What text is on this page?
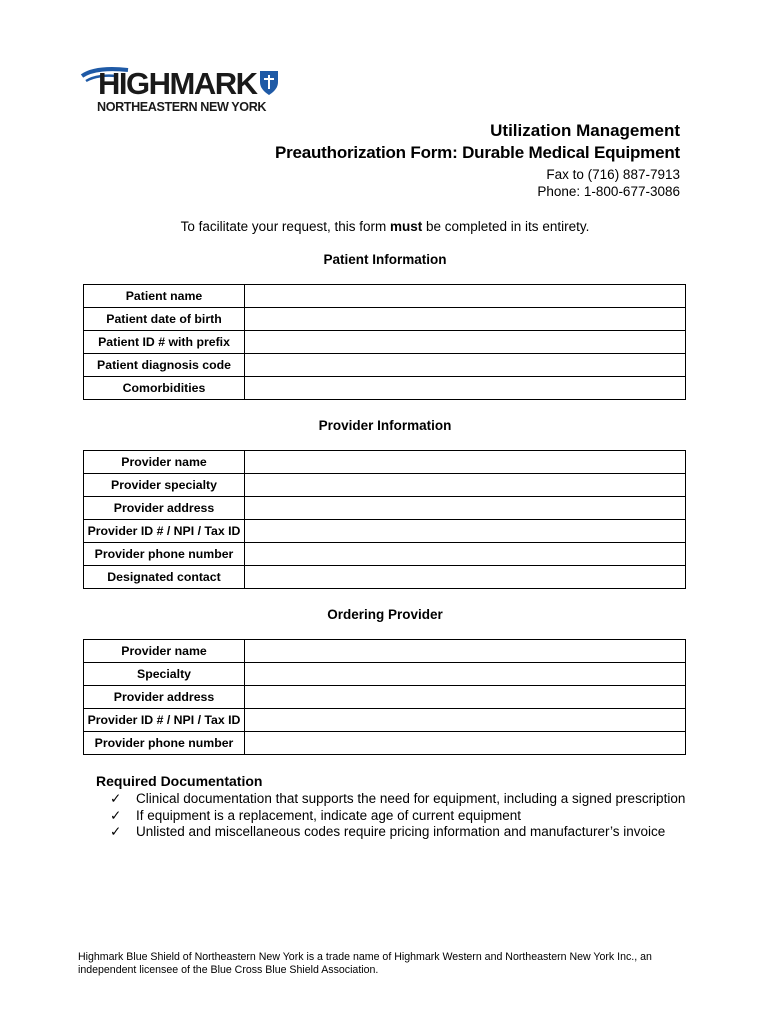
HIGHMARK
NORTHEASTERN NEW YORK
Utilization Management
Preauthorization Form: Durable Medical Equipment
Fax to (716) 887-7913
Phone: 1-800-677-3086
To facilitate your request, this form must be completed in its entirety.
Patient Information
Patient name	
Patient date of birth	
Patient ID # with prefix	
Patient diagnosis code	
Comorbidities	
Provider Information
Provider name	
Provider specialty	
Provider address	
Provider ID # / NPI / Tax ID	
Provider phone number	
Designated contact	
Ordering Provider
Provider name	
Specialty	
Provider address	
Provider ID # / NPI / Tax ID	
Provider phone number	
Required Documentation
✓ Clinical documentation that supports the need for equipment, including a signed prescription
✓ If equipment is a replacement, indicate age of current equipment
✓ Unlisted and miscellaneous codes require pricing information and manufacturer’s invoice
Highmark Blue Shield of Northeastern New York is a trade name of Highmark Western and Northeastern New York Inc., an independent licensee of the Blue Cross Blue Shield Association.
